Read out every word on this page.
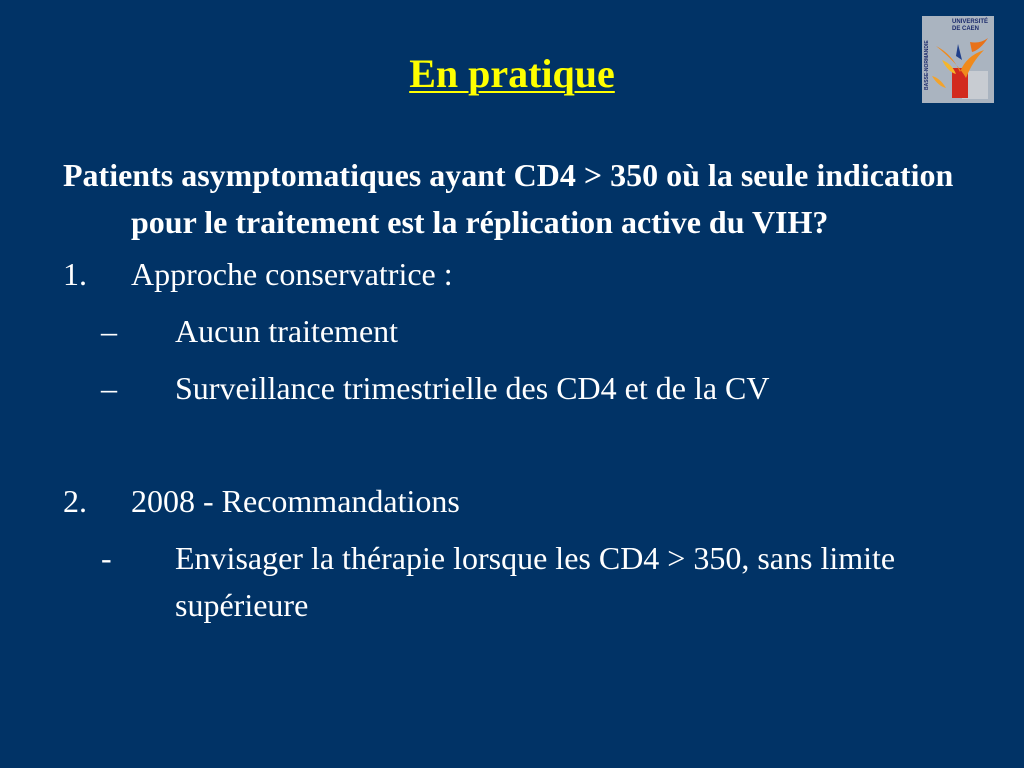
En pratique
UNIVERSITÉ
DE CAEN
BASSE-NORMANDIE

Patients asymptomatiques ayant CD4 > 350 où la seule indication pour le traitement est la réplication active du VIH?

1. Approche conservatrice :
– Aucun traitement
– Surveillance trimestrielle des CD4 et de la CV
2. 2008 - Recommandations
- Envisager la thérapie lorsque les CD4 > 350, sans limite supérieure
